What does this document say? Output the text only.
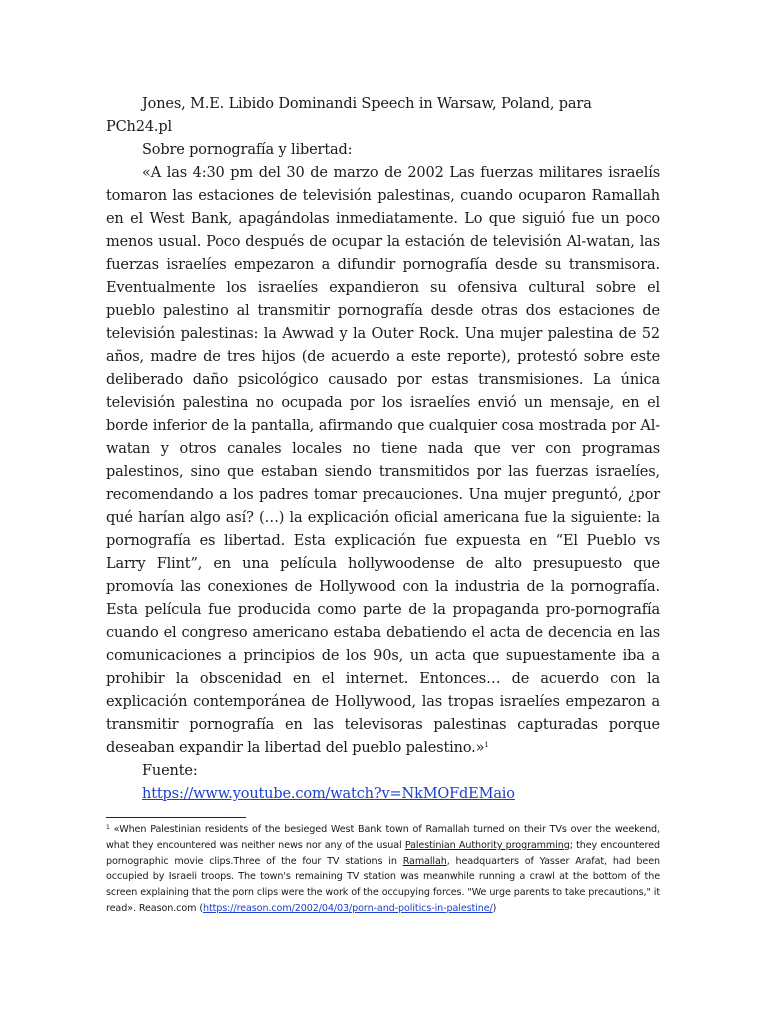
Jones, M.E. Libido Dominandi Speech in Warsaw, Poland, para PCh24.pl

Sobre pornografía y libertad:

«A las 4:30 pm del 30 de marzo de 2002 Las fuerzas militares israelís tomaron las estaciones de televisión palestinas, cuando ocuparon Ramallah en el West Bank, apagándolas inmediatamente. Lo que siguió fue un poco menos usual. Poco después de ocupar la estación de televisión Al-watan, las fuerzas israelíes empezaron a difundir pornografía desde su transmisora. Eventualmente los israelíes expandieron su ofensiva cultural sobre el pueblo palestino al transmitir pornografía desde otras dos estaciones de televisión palestinas: la Awwad y la Outer Rock. Una mujer palestina de 52 años, madre de tres hijos (de acuerdo a este reporte), protestó sobre este deliberado daño psicológico causado por estas transmisiones. La única televisión palestina no ocupada por los israelíes envió un mensaje, en el borde inferior de la pantalla, afirmando que cualquier cosa mostrada por Al-watan y otros canales locales no tiene nada que ver con programas palestinos, sino que estaban siendo transmitidos por las fuerzas israelíes, recomendando a los padres tomar precauciones. Una mujer preguntó, ¿por qué harían algo así? (…) la explicación oficial americana fue la siguiente: la pornografía es libertad. Esta explicación fue expuesta en “El Pueblo vs Larry Flint”, en una película hollywoodense de alto presupuesto que promovía las conexiones de Hollywood con la industria de la pornografía. Esta película fue producida como parte de la propaganda pro-pornografía cuando el congreso americano estaba debatiendo el acta de decencia en las comunicaciones a principios de los 90s, un acta que supuestamente iba a prohibir la obscenidad en el internet. Entonces… de acuerdo con la explicación contemporánea de Hollywood, las tropas israelíes empezaron a transmitir pornografía en las televisoras palestinas capturadas porque deseaban expandir la libertad del pueblo palestino.»$^1$

Fuente:

https://www.youtube.com/watch?v=NkMOFdEMaio

$^1$ «When Palestinian residents of the besieged West Bank town of Ramallah turned on their TVs over the weekend, what they encountered was neither news nor any of the usual Palestinian Authority programming; they encountered pornographic movie clips.Three of the four TV stations in Ramallah, headquarters of Yasser Arafat, had been occupied by Israeli troops. The town's remaining TV station was meanwhile running a crawl at the bottom of the screen explaining that the porn clips were the work of the occupying forces. "We urge parents to take precautions," it read». Reason.com (https://reason.com/2002/04/03/porn-and-politics-in-palestine/)
